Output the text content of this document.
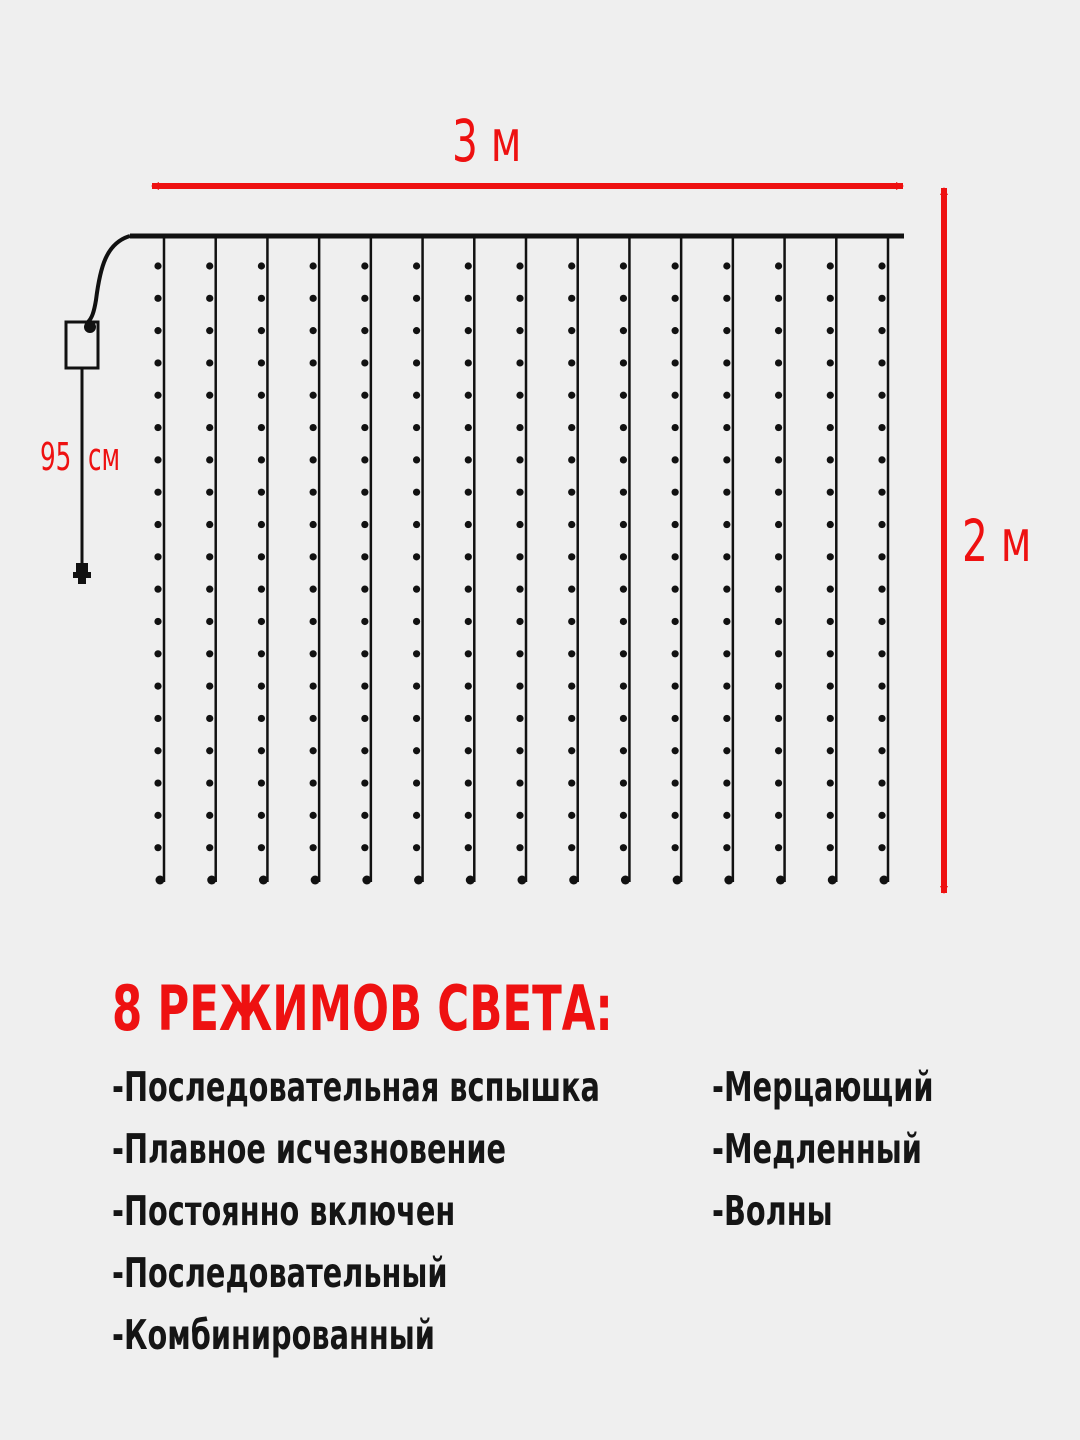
3 м
2 м
95 см
8 РЕЖИМОВ СВЕТА:
-Последовательная вспышка
-Плавное исчезновение
-Постоянно включен
-Последовательный
-Комбинированный
-Мерцающий
-Медленный
-Волны
